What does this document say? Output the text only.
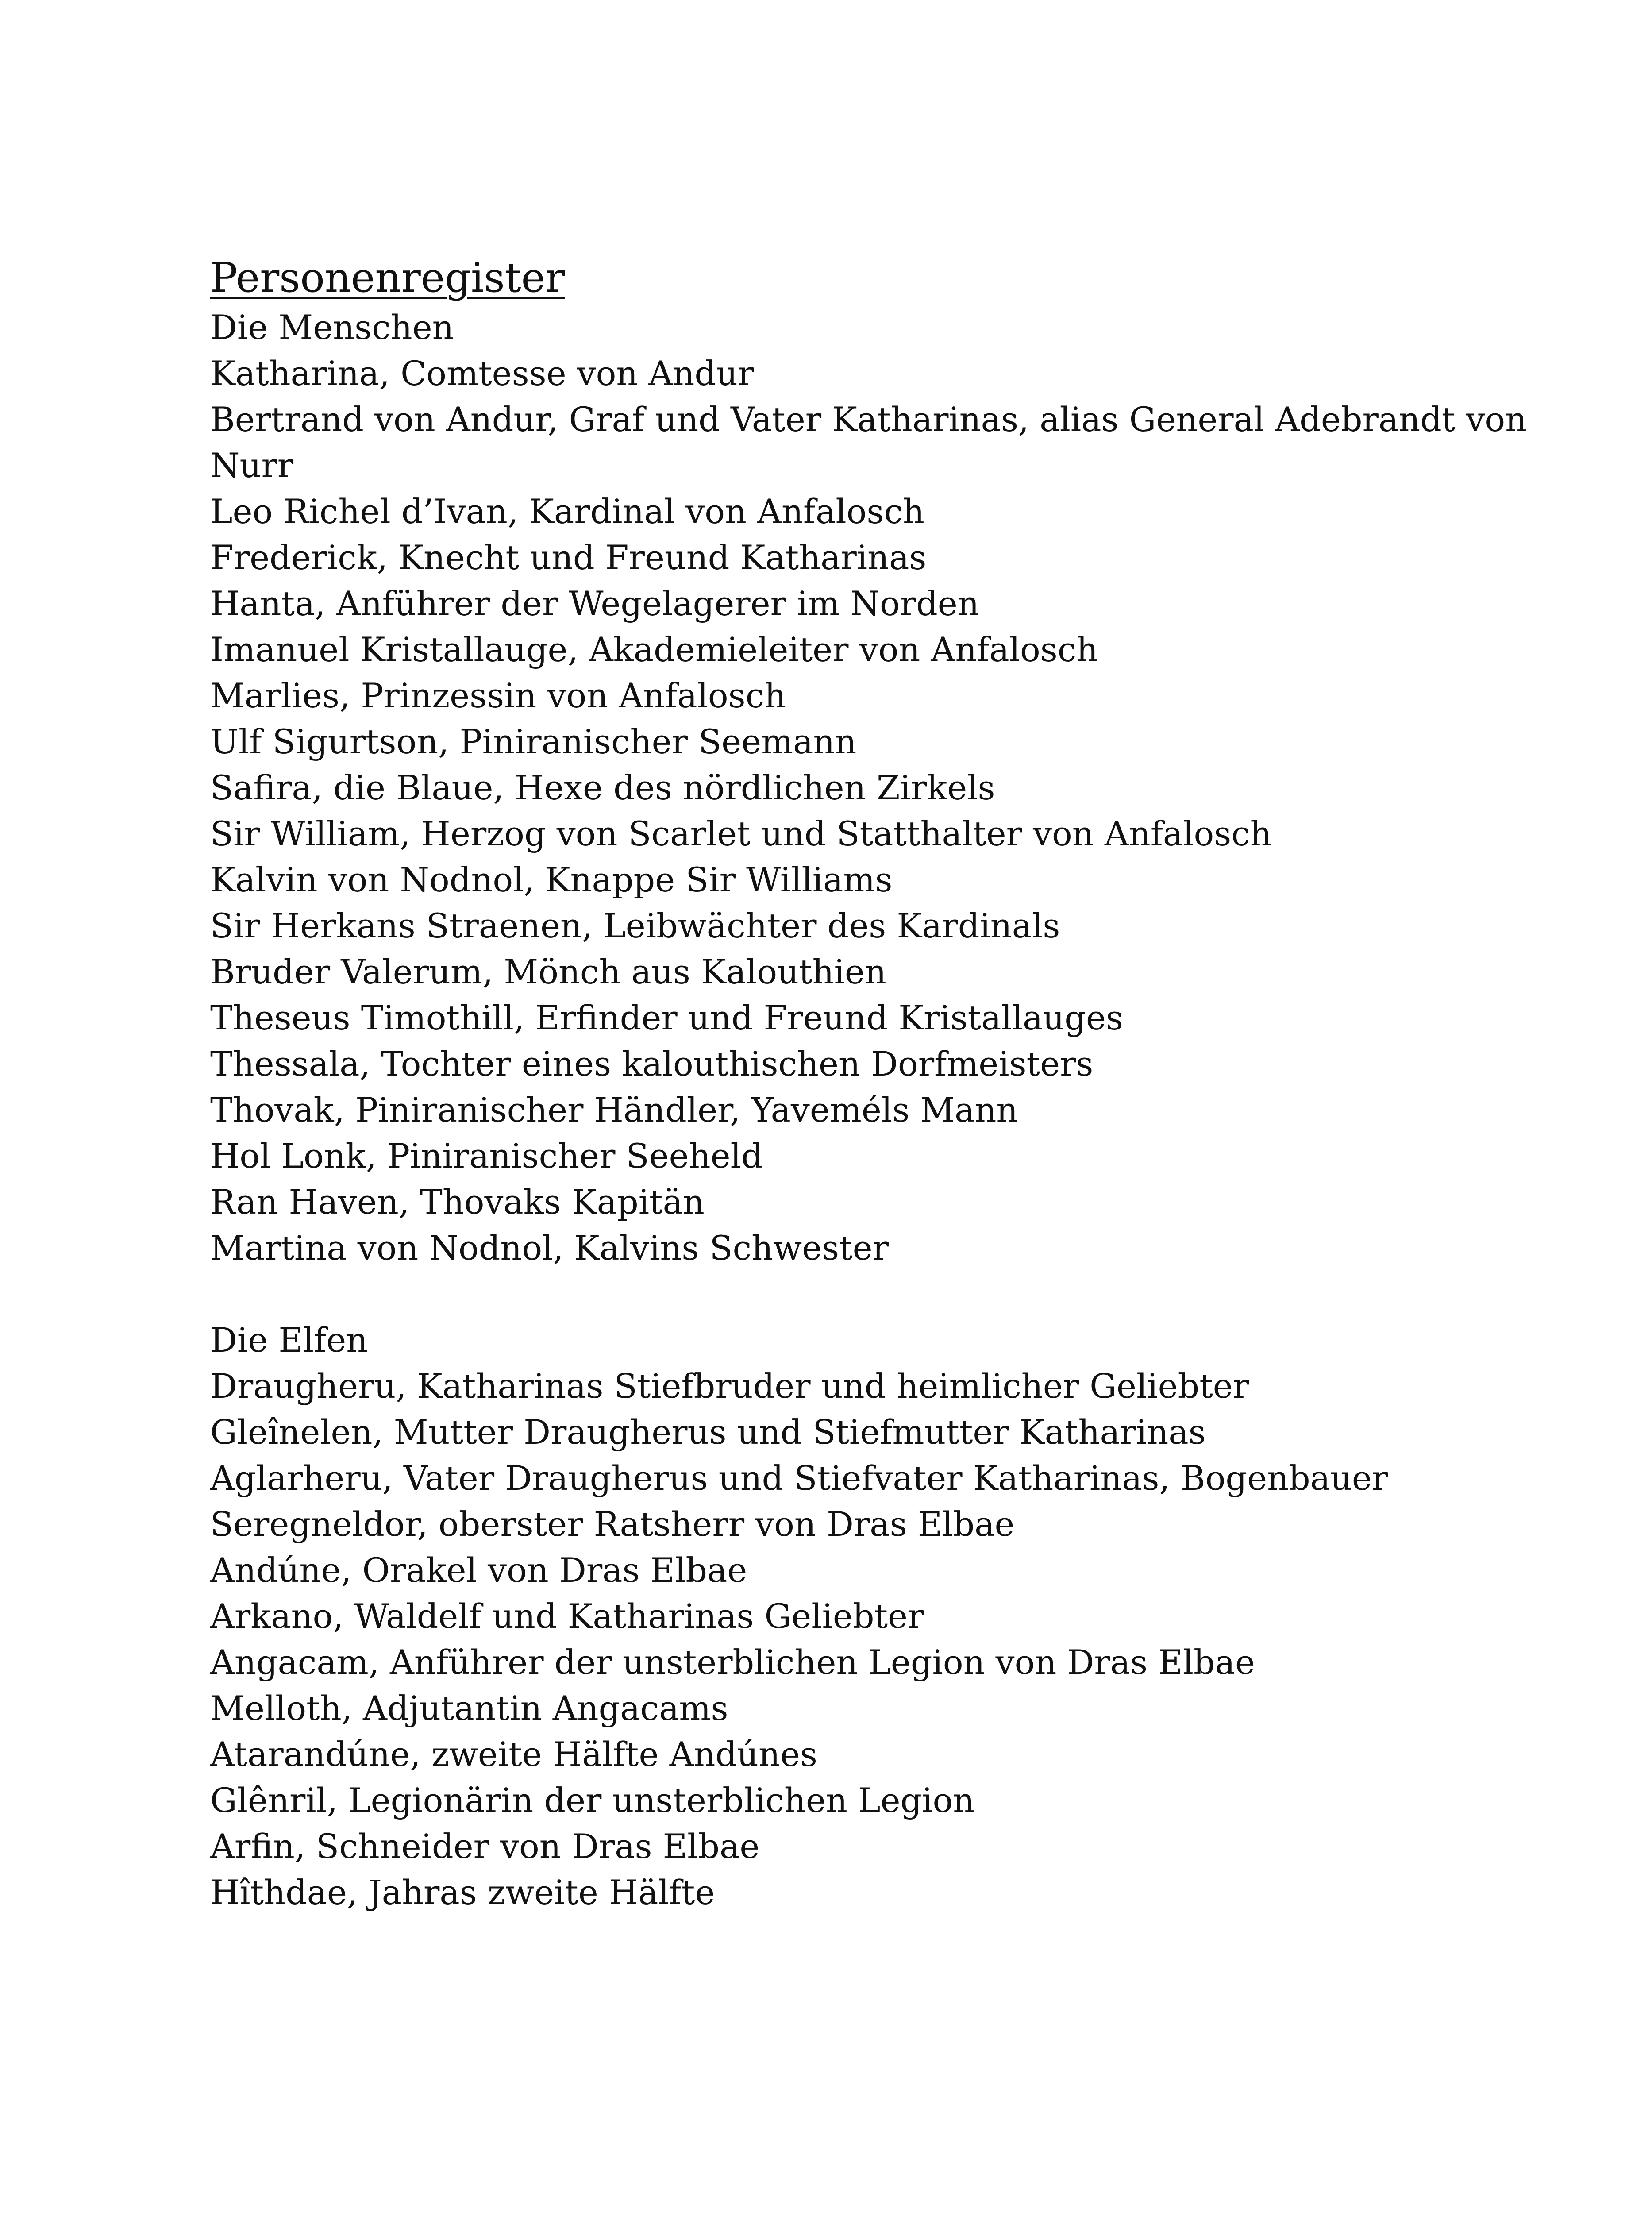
Personenregister

Die Menschen

Katharina, Comtesse von Andur
Bertrand von Andur, Graf und Vater Katharinas, alias General Adebrandt von Nurr
Leo Richel d’Ivan, Kardinal von Anfalosch
Frederick, Knecht und Freund Katharinas
Hanta, Anführer der Wegelagerer im Norden
Imanuel Kristallauge, Akademieleiter von Anfalosch
Marlies, Prinzessin von Anfalosch
Ulf Sigurtson, Piniranischer Seemann
Safira, die Blaue, Hexe des nördlichen Zirkels
Sir William, Herzog von Scarlet und Statthalter von Anfalosch
Kalvin von Nodnol, Knappe Sir Williams
Sir Herkans Straenen, Leibwächter des Kardinals
Bruder Valerum, Mönch aus Kalouthien
Theseus Timothill, Erfinder und Freund Kristallauges
Thessala, Tochter eines kalouthischen Dorfmeisters
Thovak, Piniranischer Händler, Yaveméls Mann
Hol Lonk, Piniranischer Seeheld
Ran Haven, Thovaks Kapitän
Martina von Nodnol, Kalvins Schwester

Die Elfen

Draugheru, Katharinas Stiefbruder und heimlicher Geliebter
Gleînelen, Mutter Draugherus und Stiefmutter Katharinas
Aglarheru, Vater Draugherus und Stiefvater Katharinas, Bogenbauer
Seregneldor, oberster Ratsherr von Dras Elbae
Andúne, Orakel von Dras Elbae
Arkano, Waldelf und Katharinas Geliebter
Angacam, Anführer der unsterblichen Legion von Dras Elbae
Melloth, Adjutantin Angacams
Atarandúne, zweite Hälfte Andúnes
Glênril, Legionärin der unsterblichen Legion
Arfin, Schneider von Dras Elbae
Hîthdae, Jahras zweite Hälfte
